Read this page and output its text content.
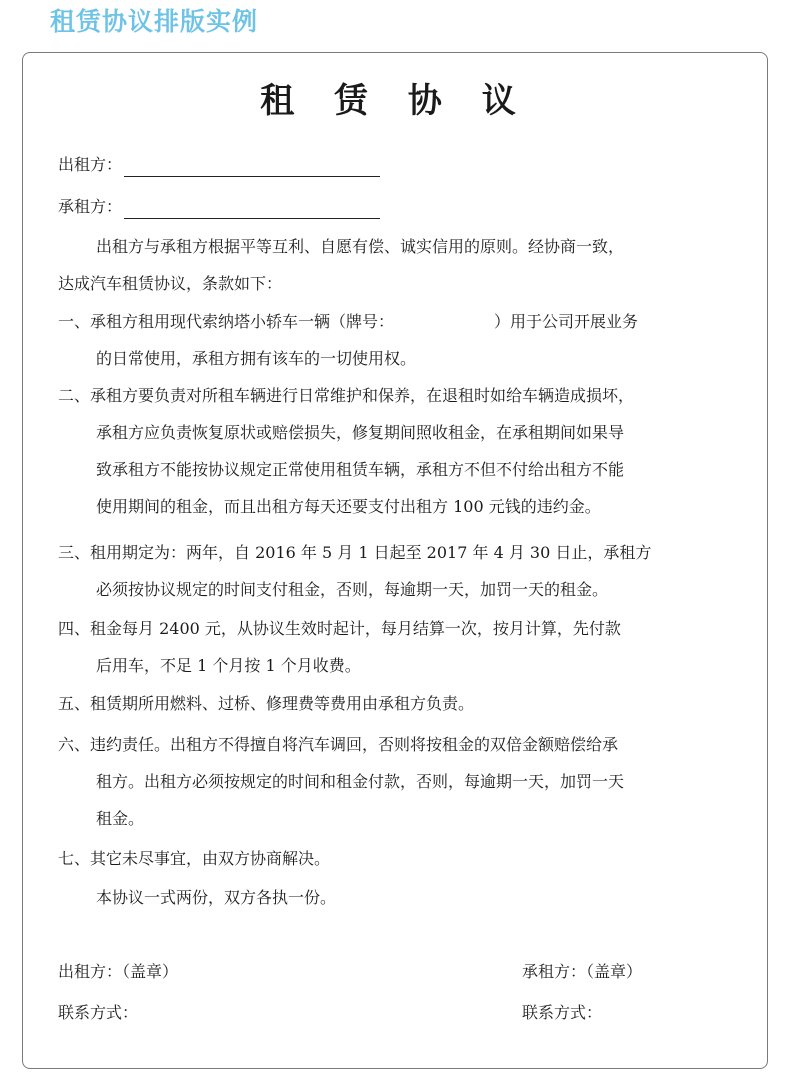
租赁协议排版实例
租 赁 协 议
出租方：
承租方：
出租方与承租方根据平等互利、自愿有偿、诚实信用的原则。经协商一致，
达成汽车租赁协议，条款如下：
一、承租方租用现代索纳塔小轿车一辆（牌号：	）用于公司开展业务
的日常使用，承租方拥有该车的一切使用权。
二、承租方要负责对所租车辆进行日常维护和保养，在退租时如给车辆造成损坏，
承租方应负责恢复原状或赔偿损失，修复期间照收租金，在承租期间如果导
致承租方不能按协议规定正常使用租赁车辆，承租方不但不付给出租方不能
使用期间的租金，而且出租方每天还要支付出租方 100 元钱的违约金。
三、租用期定为：两年，自 2016 年 5 月 1 日起至 2017 年 4 月 30 日止，承租方
必须按协议规定的时间支付租金，否则，每逾期一天，加罚一天的租金。
四、租金每月 2400 元，从协议生效时起计，每月结算一次，按月计算，先付款
后用车，不足 1 个月按 1 个月收费。
五、租赁期所用燃料、过桥、修理费等费用由承租方负责。
六、违约责任。出租方不得擅自将汽车调回，否则将按租金的双倍金额赔偿给承
租方。出租方必须按规定的时间和租金付款，否则，每逾期一天，加罚一天
租金。
七、其它未尽事宜，由双方协商解决。
本协议一式两份，双方各执一份。
出租方：（盖章）
联系方式：
承租方：（盖章）
联系方式：
